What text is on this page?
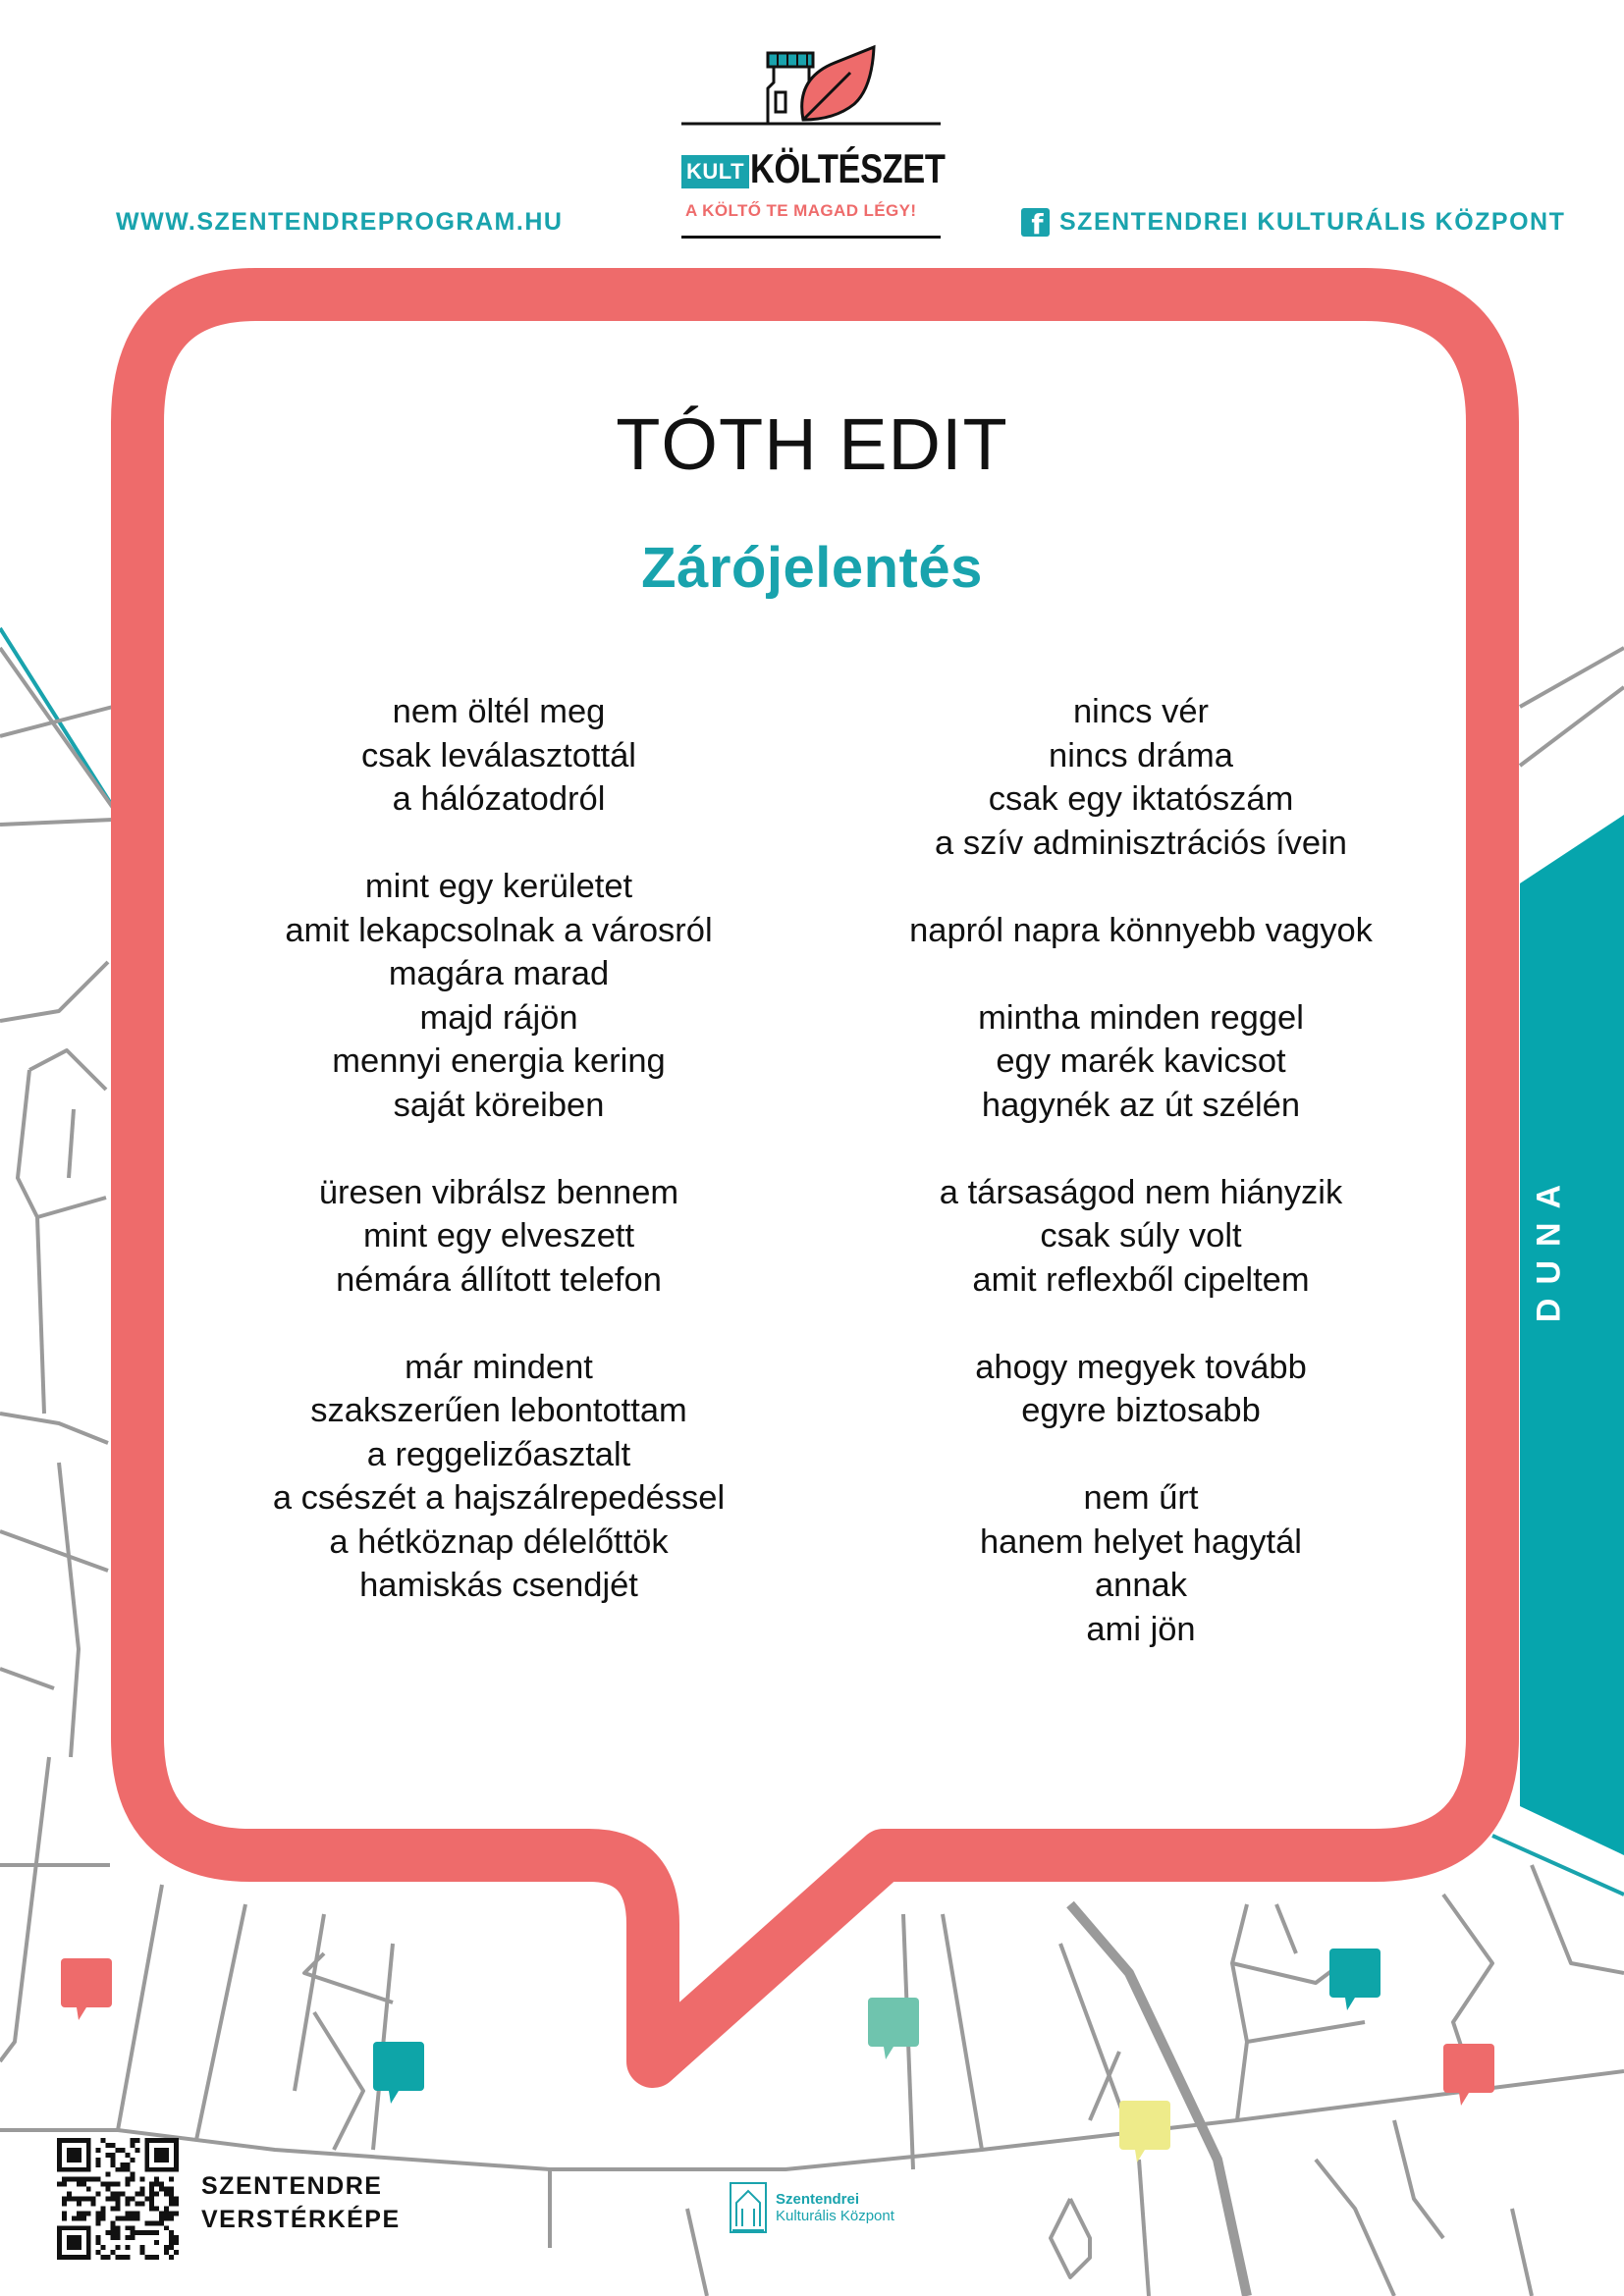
WWW.SZENTENDREPROGRAM.HU	f SZENTENDREI KULTURÁLIS KÖZPONT
KULT KÖLTÉSZET
A KÖLTŐ TE MAGAD LÉGY!
TÓTH EDIT
Zárójelentés
nem öltél meg
csak leválasztottál
a hálózatodról
mint egy kerületet
amit lekapcsolnak a városról
magára marad
majd rájön
mennyi energia kering
saját köreiben
üresen vibrálsz bennem
mint egy elveszett
némára állított telefon
már mindent
szakszerűen lebontottam
a reggelizőasztalt
a csészét a hajszálrepedéssel
a hétköznap délelőttök
hamiskás csendjét
nincs vér
nincs dráma
csak egy iktatószám
a szív adminisztrációs ívein
napról napra könnyebb vagyok
mintha minden reggel
egy marék kavicsot
hagynék az út szélén
a társaságod nem hiányzik
csak súly volt
amit reflexből cipeltem
ahogy megyek tovább
egyre biztosabb
nem űrt
hanem helyet hagytál
annak
ami jön
DUNA
SZENTENDRE
VERSTÉRKÉPE
Szentendrei
Kulturális Központ
